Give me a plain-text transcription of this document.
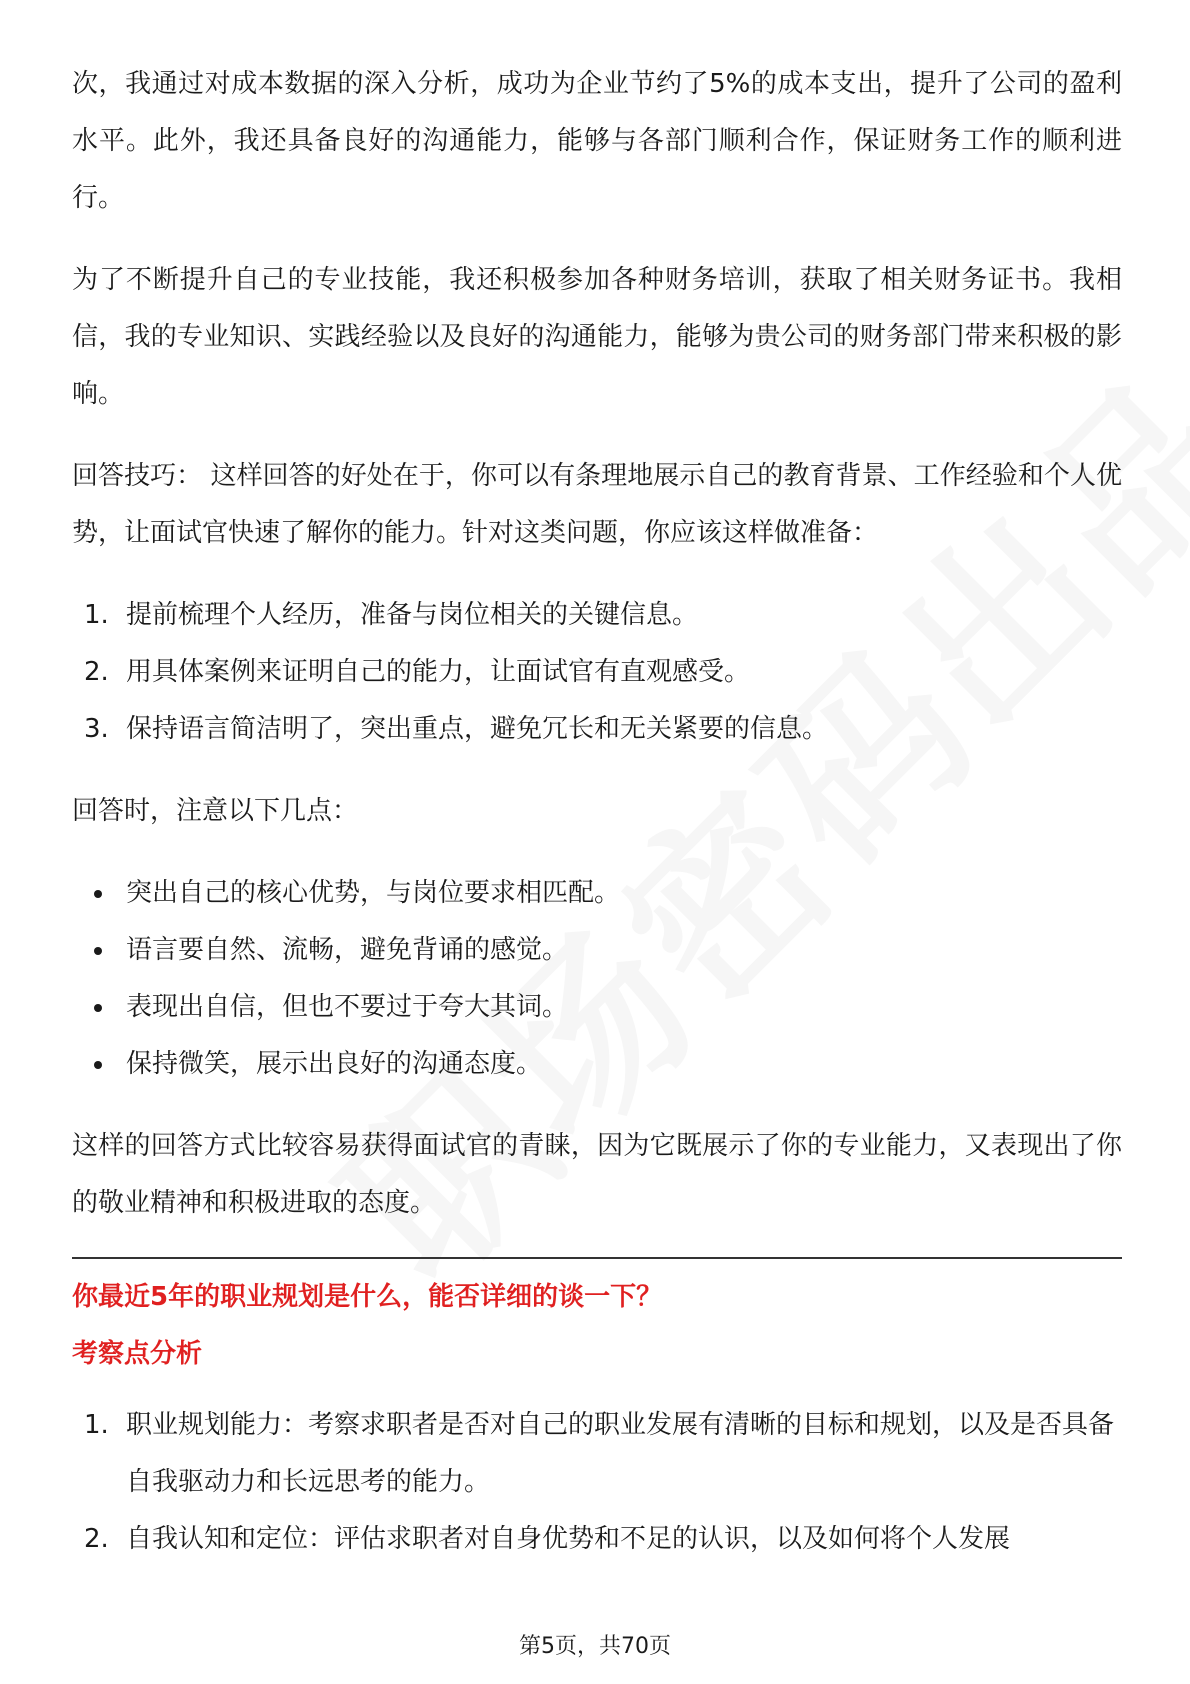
次，我通过对成本数据的深入分析，成功为企业节约了5%的成本支出，提升了公司的盈利水平。此外，我还具备良好的沟通能力，能够与各部门顺利合作，保证财务工作的顺利进行。

为了不断提升自己的专业技能，我还积极参加各种财务培训，获取了相关财务证书。我相信，我的专业知识、实践经验以及良好的沟通能力，能够为贵公司的财务部门带来积极的影响。

回答技巧： 这样回答的好处在于，你可以有条理地展示自己的教育背景、工作经验和个人优势，让面试官快速了解你的能力。针对这类问题，你应该这样做准备：

1. 提前梳理个人经历，准备与岗位相关的关键信息。
2. 用具体案例来证明自己的能力，让面试官有直观感受。
3. 保持语言简洁明了，突出重点，避免冗长和无关紧要的信息。

回答时，注意以下几点：

突出自己的核心优势，与岗位要求相匹配。
语言要自然、流畅，避免背诵的感觉。
表现出自信，但也不要过于夸大其词。
保持微笑，展示出良好的沟通态度。

这样的回答方式比较容易获得面试官的青睐，因为它既展示了你的专业能力，又表现出了你的敬业精神和积极进取的态度。

你最近5年的职业规划是什么，能否详细的谈一下？

考察点分析

1. 职业规划能力：考察求职者是否对自己的职业发展有清晰的目标和规划，以及是否具备自我驱动力和长远思考的能力。
2. 自我认知和定位：评估求职者对自身优势和不足的认识，以及如何将个人发展
第5页，共70页
